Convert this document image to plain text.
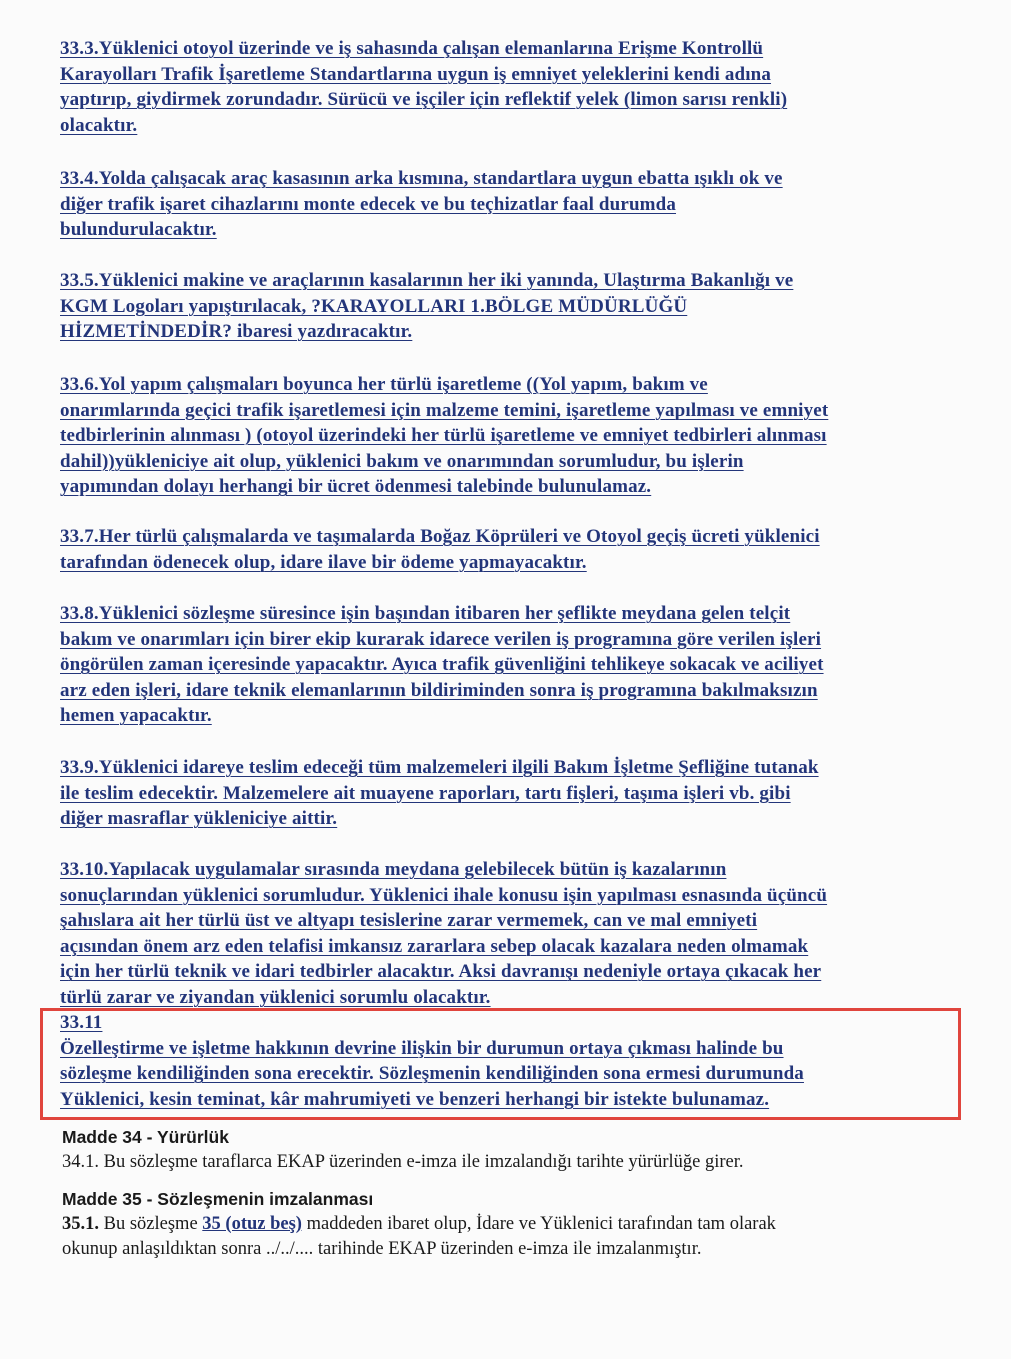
33.3.Yüklenici otoyol üzerinde ve iş sahasında çalışan elemanlarına Erişme Kontrollü
Karayolları Trafik İşaretleme Standartlarına uygun iş emniyet yeleklerini kendi adına
yaptırıp, giydirmek zorundadır. Sürücü ve işçiler için reflektif yelek (limon sarısı renkli)
olacaktır.
33.4.Yolda çalışacak araç kasasının arka kısmına, standartlara uygun ebatta ışıklı ok ve
diğer trafik işaret cihazlarını monte edecek ve bu teçhizatlar faal durumda
bulundurulacaktır.
33.5.Yüklenici makine ve araçlarının kasalarının her iki yanında, Ulaştırma Bakanlığı ve
KGM Logoları yapıştırılacak, ?KARAYOLLARI 1.BÖLGE MÜDÜRLÜĞÜ
HİZMETİNDEDİR? ibaresi yazdıracaktır.
33.6.Yol yapım çalışmaları boyunca her türlü işaretleme ((Yol yapım, bakım ve
onarımlarında geçici trafik işaretlemesi için malzeme temini, işaretleme yapılması ve emniyet
tedbirlerinin alınması ) (otoyol üzerindeki her türlü işaretleme ve emniyet tedbirleri alınması
dahil))yükleniciye ait olup, yüklenici bakım ve onarımından sorumludur, bu işlerin
yapımından dolayı herhangi bir ücret ödenmesi talebinde bulunulamaz.
33.7.Her türlü çalışmalarda ve taşımalarda Boğaz Köprüleri ve Otoyol geçiş ücreti yüklenici
tarafından ödenecek olup, idare ilave bir ödeme yapmayacaktır.
33.8.Yüklenici sözleşme süresince işin başından itibaren her şeflikte meydana gelen telçit
bakım ve onarımları için birer ekip kurarak idarece verilen iş programına göre verilen işleri
öngörülen zaman içeresinde yapacaktır. Ayıca trafik güvenliğini tehlikeye sokacak ve aciliyet
arz eden işleri, idare teknik elemanlarının bildiriminden sonra iş programına bakılmaksızın
hemen yapacaktır.
33.9.Yüklenici idareye teslim edeceği tüm malzemeleri ilgili Bakım İşletme Şefliğine tutanak
ile teslim edecektir. Malzemelere ait muayene raporları, tartı fişleri, taşıma işleri vb. gibi
diğer masraflar yükleniciye aittir.
33.10.Yapılacak uygulamalar sırasında meydana gelebilecek bütün iş kazalarının
sonuçlarından yüklenici sorumludur. Yüklenici ihale konusu işin yapılması esnasında üçüncü
şahıslara ait her türlü üst ve altyapı tesislerine zarar vermemek, can ve mal emniyeti
açısından önem arz eden telafisi imkansız zararlara sebep olacak kazalara neden olmamak
için her türlü teknik ve idari tedbirler alacaktır. Aksi davranışı nedeniyle ortaya çıkacak her
türlü zarar ve ziyandan yüklenici sorumlu olacaktır.
33.11
Özelleştirme ve işletme hakkının devrine ilişkin bir durumun ortaya çıkması halinde bu
sözleşme kendiliğinden sona erecektir. Sözleşmenin kendiliğinden sona ermesi durumunda
Yüklenici, kesin teminat, kâr mahrumiyeti ve benzeri herhangi bir istekte bulunamaz.
Madde 34 - Yürürlük
34.1. Bu sözleşme taraflarca EKAP üzerinden e-imza ile imzalandığı tarihte yürürlüğe girer.
Madde 35 - Sözleşmenin imzalanması
35.1. Bu sözleşme 35 (otuz beş) maddeden ibaret olup, İdare ve Yüklenici tarafından tam olarak
okunup anlaşıldıktan sonra ../../.... tarihinde EKAP üzerinden e-imza ile imzalanmıştır.
